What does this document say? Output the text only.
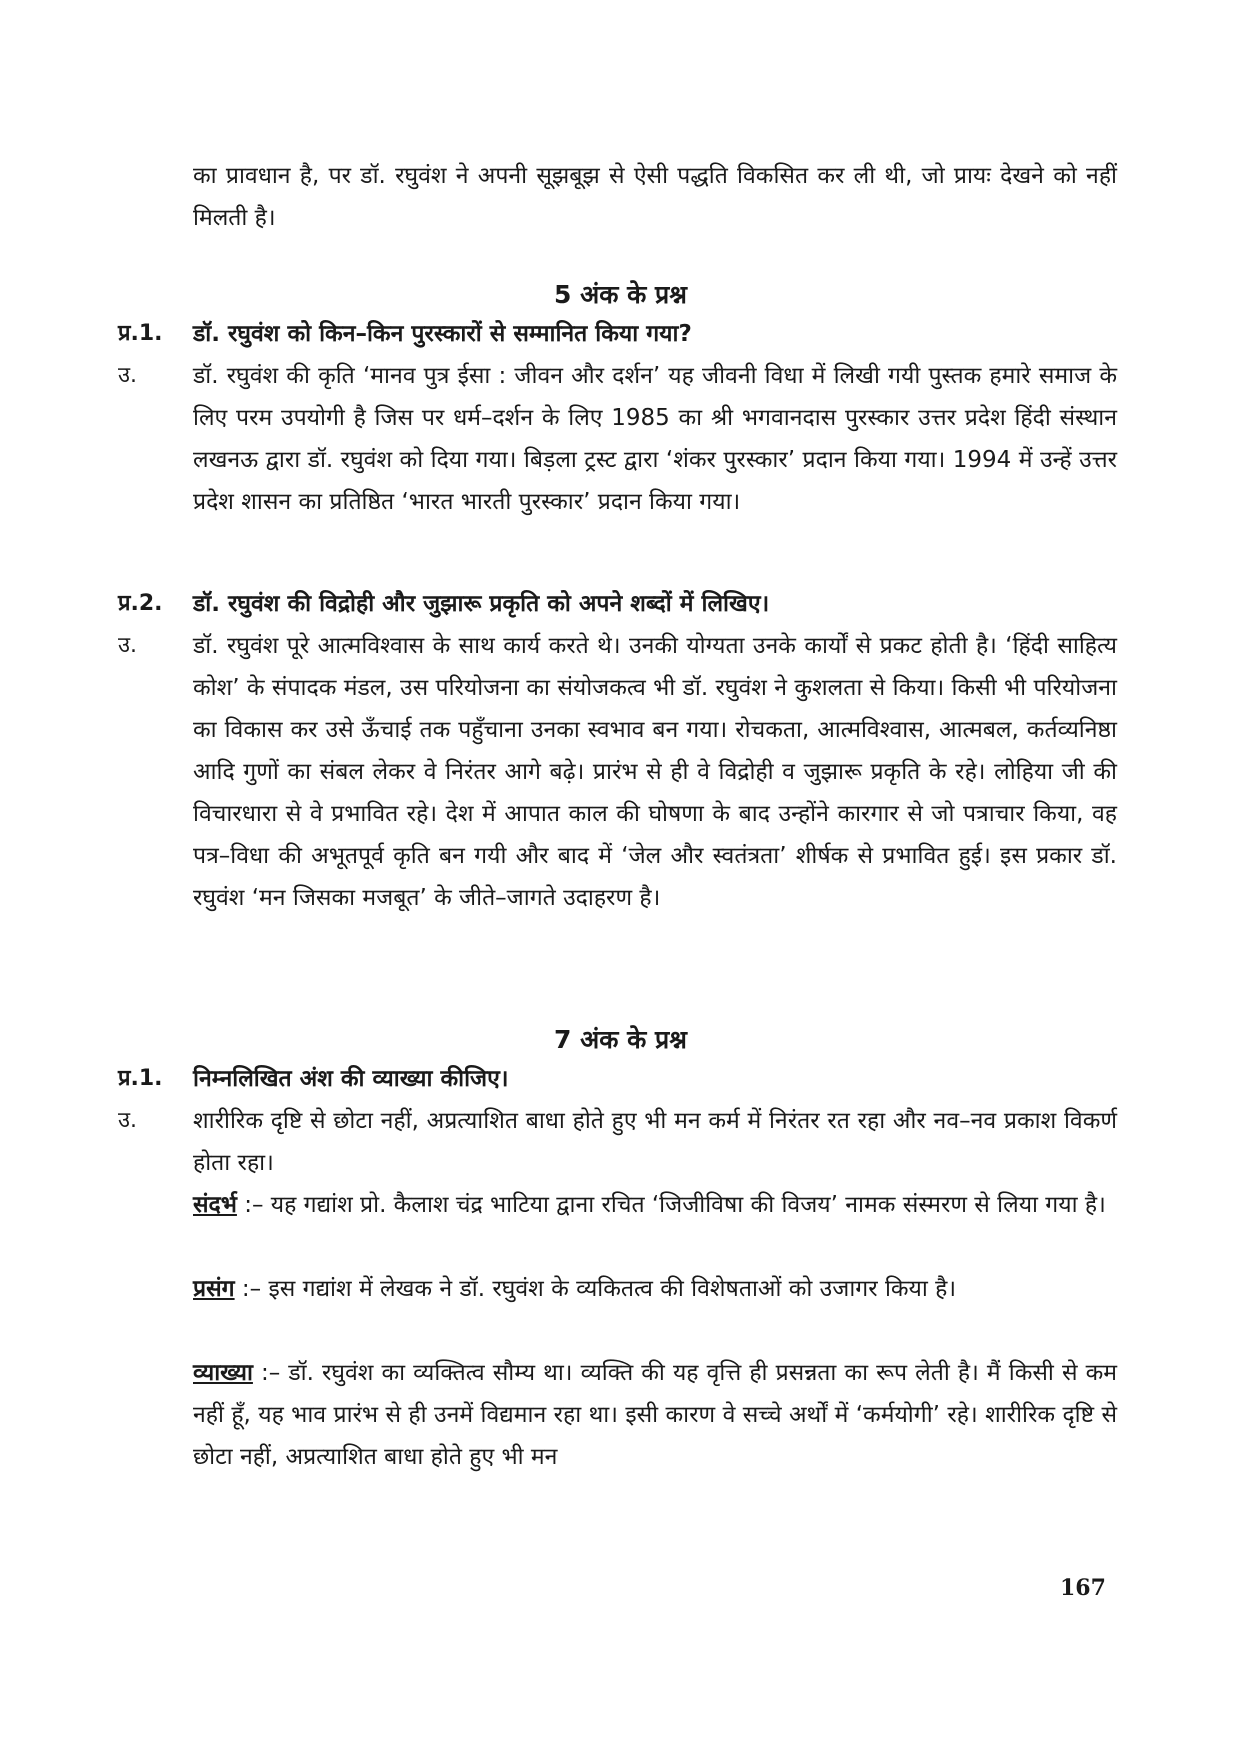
का प्रावधान है, पर डॉ. रघुवंश ने अपनी सूझबूझ से ऐसी पद्धति विकसित कर ली थी, जो प्रायः देखने को नहीं मिलती है।

5 अंक के प्रश्न
प्र.1. डॉ. रघुवंश को किन–किन पुरस्कारों से सम्मानित किया गया?
उ. डॉ. रघुवंश की कृति ‘मानव पुत्र ईसा : जीवन और दर्शन’ यह जीवनी विधा में लिखी गयी पुस्तक हमारे समाज के लिए परम उपयोगी है जिस पर धर्म–दर्शन के लिए 1985 का श्री भगवानदास पुरस्कार उत्तर प्रदेश हिंदी संस्थान लखनऊ द्वारा डॉ. रघुवंश को दिया गया। बिड़ला ट्रस्ट द्वारा ‘शंकर पुरस्कार’ प्रदान किया गया। 1994 में उन्हें उत्तर प्रदेश शासन का प्रतिष्ठित ‘भारत भारती पुरस्कार’ प्रदान किया गया।
प्र.2. डॉ. रघुवंश की विद्रोही और जुझारू प्रकृति को अपने शब्दों में लिखिए।
उ. डॉ. रघुवंश पूरे आत्मविश्वास के साथ कार्य करते थे। उनकी योग्यता उनके कार्यों से प्रकट होती है। ‘हिंदी साहित्य कोश’ के संपादक मंडल, उस परियोजना का संयोजकत्व भी डॉ. रघुवंश ने कुशलता से किया। किसी भी परियोजना का विकास कर उसे ऊँचाई तक पहुँचाना उनका स्वभाव बन गया। रोचकता, आत्मविश्वास, आत्मबल, कर्तव्यनिष्ठा आदि गुणों का संबल लेकर वे निरंतर आगे बढ़े। प्रारंभ से ही वे विद्रोही व जुझारू प्रकृति के रहे। लोहिया जी की विचारधारा से वे प्रभावित रहे। देश में आपात काल की घोषणा के बाद उन्होंने कारगार से जो पत्राचार किया, वह पत्र–विधा की अभूतपूर्व कृति बन गयी और बाद में ‘जेल और स्वतंत्रता’ शीर्षक से प्रभावित हुई। इस प्रकार डॉ. रघुवंश ‘मन जिसका मजबूत’ के जीते–जागते उदाहरण है।
7 अंक के प्रश्न
प्र.1. निम्नलिखित अंश की व्याख्या कीजिए।
उ. शारीरिक दृष्टि से छोटा नहीं, अप्रत्याशित बाधा होते हुए भी मन कर्म में निरंतर रत रहा और नव–नव प्रकाश विकर्ण होता रहा।
संदर्भ :– यह गद्यांश प्रो. कैलाश चंद्र भाटिया द्वाना रचित ‘जिजीविषा की विजय’ नामक संस्मरण से लिया गया है।
प्रसंग :– इस गद्यांश में लेखक ने डॉ. रघुवंश के व्यकितत्व की विशेषताओं को उजागर किया है।
व्याख्या :– डॉ. रघुवंश का व्यक्तित्व सौम्य था। व्यक्ति की यह वृत्ति ही प्रसन्नता का रूप लेती है। मैं किसी से कम नहीं हूँ, यह भाव प्रारंभ से ही उनमें विद्यमान रहा था। इसी कारण वे सच्चे अर्थों में ‘कर्मयोगी’ रहे। शारीरिक दृष्टि से छोटा नहीं, अप्रत्याशित बाधा होते हुए भी मन
167
